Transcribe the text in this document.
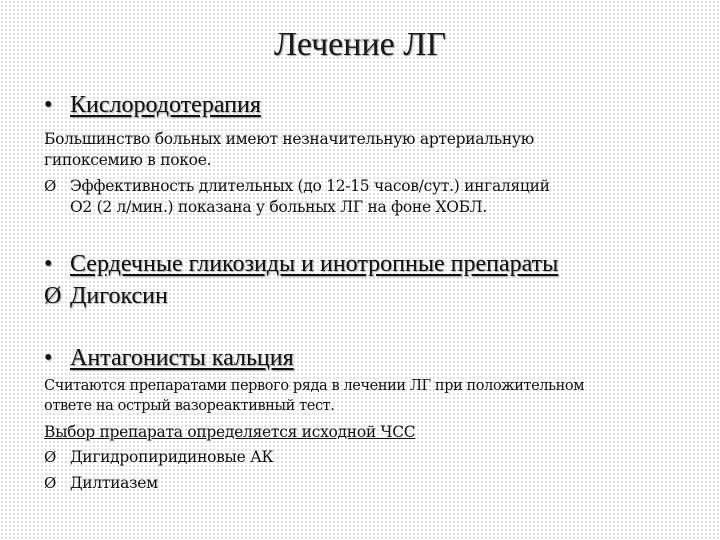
Лечение ЛГ
• Кислородотерапия
Большинство больных имеют незначительную артериальную
гипоксемию в покое.
Ø Эффективность длительных (до 12-15 часов/сут.) ингаляций
О2 (2 л/мин.) показана у больных ЛГ на фоне ХОБЛ.
• Сердечные гликозиды и инотропные препараты
Ø Дигоксин
• Антагонисты кальция
Считаются препаратами первого ряда в лечении ЛГ при положительном
ответе на острый вазореактивный тест.
Выбор препарата определяется исходной ЧСС
Ø Дигидропиридиновые АК
Ø Дилтиазем
